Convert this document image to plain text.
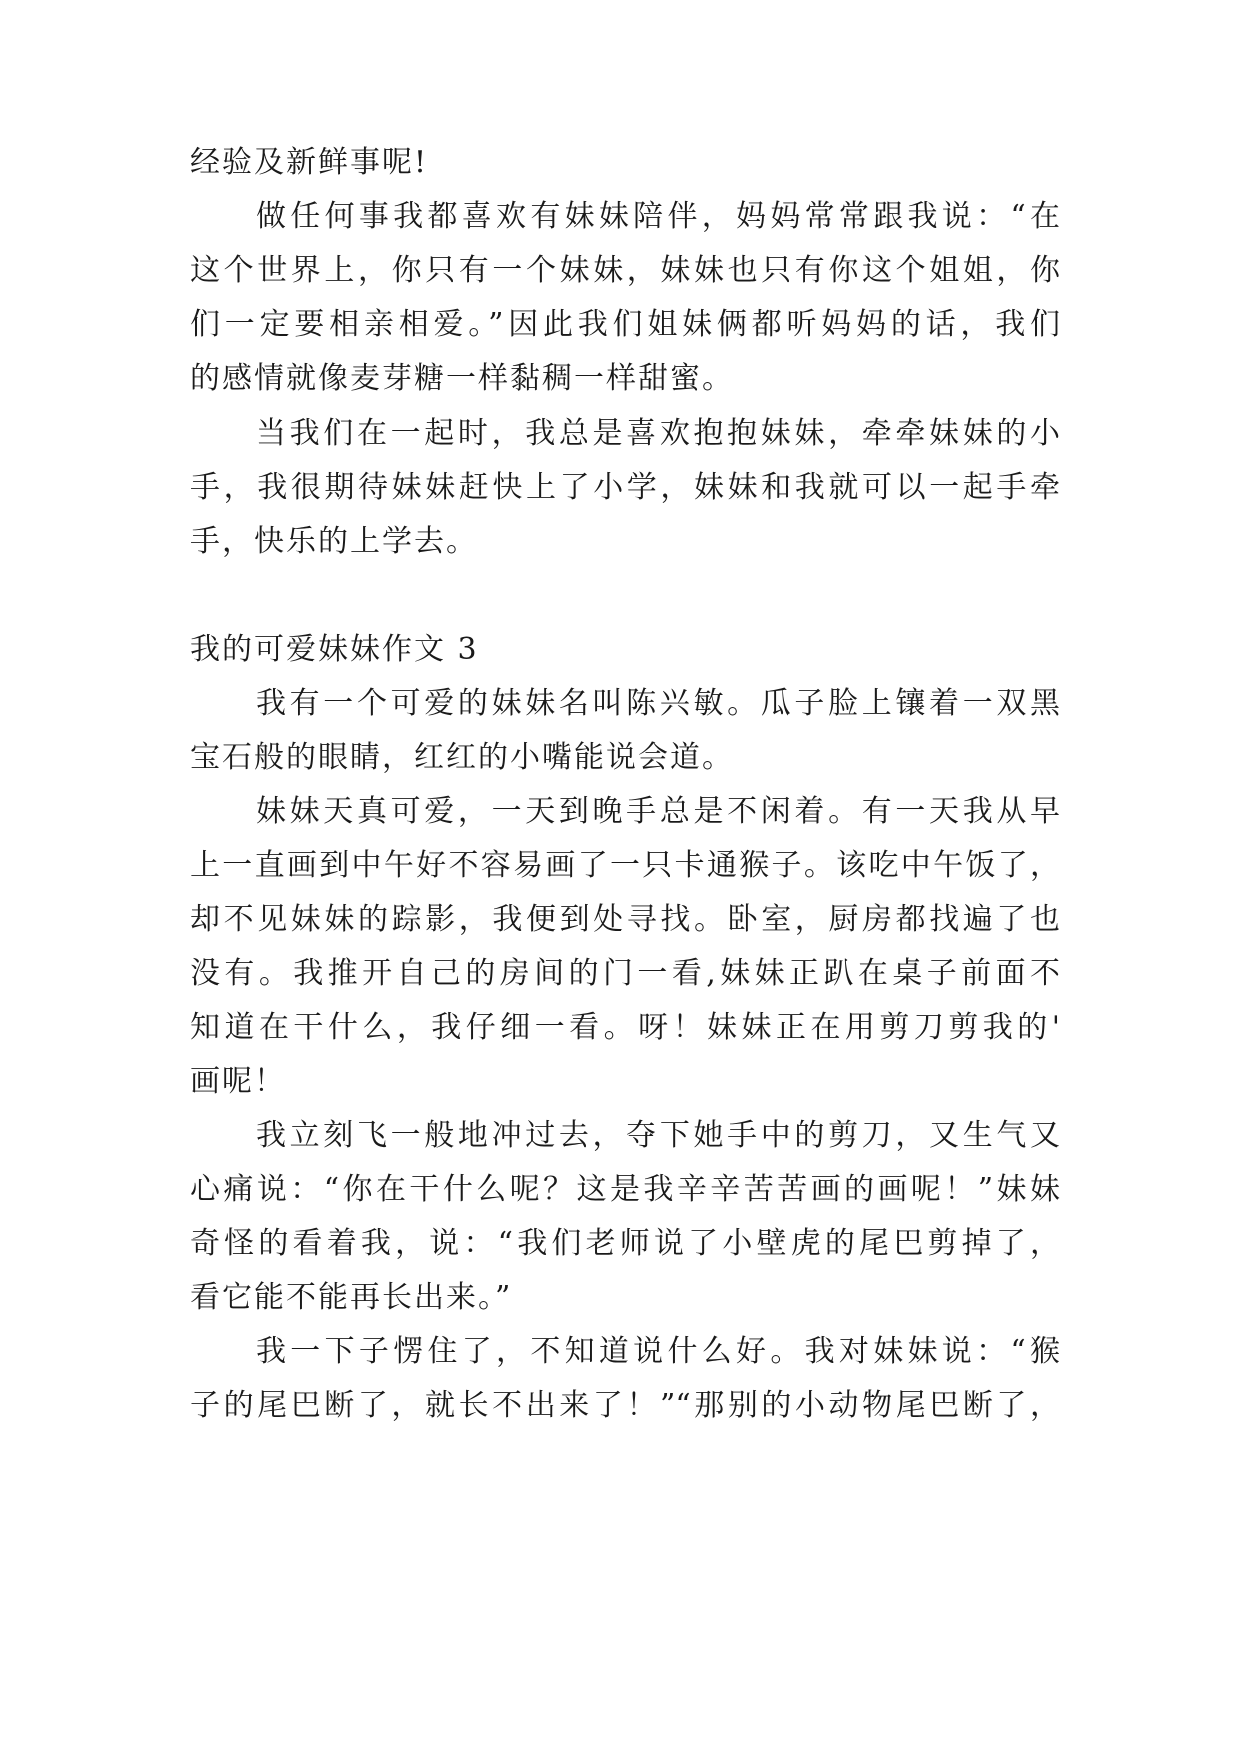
经验及新鲜事呢!
做任何事我都喜欢有妹妹陪伴，妈妈常常跟我说：“在
这个世界上，你只有一个妹妹，妹妹也只有你这个姐姐，你
们一定要相亲相爱。”因此我们姐妹俩都听妈妈的话，我们
的感情就像麦芽糖一样黏稠一样甜蜜。
当我们在一起时，我总是喜欢抱抱妹妹，牵牵妹妹的小
手，我很期待妹妹赶快上了小学，妹妹和我就可以一起手牵
手，快乐的上学去。
我的可爱妹妹作文 3
我有一个可爱的妹妹名叫陈兴敏。瓜子脸上镶着一双黑
宝石般的眼睛，红红的小嘴能说会道。
妹妹天真可爱，一天到晚手总是不闲着。有一天我从早
上一直画到中午好不容易画了一只卡通猴子。该吃中午饭了，
却不见妹妹的踪影，我便到处寻找。卧室，厨房都找遍了也
没有。我推开自己的房间的门一看,妹妹正趴在桌子前面不
知道在干什么，我仔细一看。呀！妹妹正在用剪刀剪我的'
画呢！
我立刻飞一般地冲过去，夺下她手中的剪刀，又生气又
心痛说：“你在干什么呢？这是我辛辛苦苦画的画呢！”妹妹
奇怪的看着我，说：“我们老师说了小壁虎的尾巴剪掉了，
看它能不能再长出来。”
我一下子愣住了，不知道说什么好。我对妹妹说：“猴
子的尾巴断了，就长不出来了！”“那别的小动物尾巴断了，
